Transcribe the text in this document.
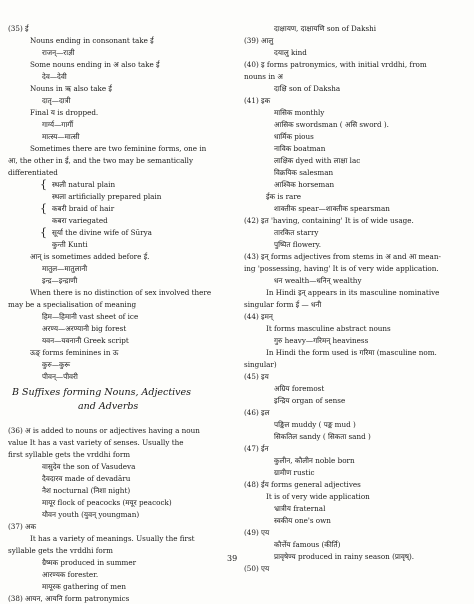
(35) ई
Nouns ending in consonant take ई
राजन्—राज्ञी
Some nouns ending in अ also take ई
देव—देवी
Nouns in ऋ also take ई
दातृ—दात्री
Final य is dropped.
गार्ग्य—गार्गी
मात्स्य—मात्सी
Sometimes there are two feminine forms, one in
आ, the other in ई, and the two may be semantically
differentiated
स्थली natural plain
स्थला artificially prepared plain
कबरी braid of hair
कबरा variegated
सूर्या the divine wife of Sūrya
कुन्ती Kunti
आन् is sometimes added before ई.
मातुल—मातुलानी
इन्द्र—इन्द्राणी
When there is no distinction of sex involved there
may be a specialisation of meaning
हिम—हिमानी vast sheet of ice
अरण्य—अरण्यानी big forest
यवन—यवनानी Greek script
ऊङ् forms feminines in ऊ
कुरु—कुरू
पीवन्—पीवरी
(36) अ is added to nouns or adjectives having a noun
value It has a vast variety of senses. Usually the
first syllable gets the vrddhi form
वासुदेव the son of Vasudeva
दैवदारव made of devadāru
नैश nocturnal (निशा night)
मायूर flock of peacocks (मयूर peacock)
यौवन youth (युवन् youngman)
(37) अक
It has a variety of meanings. Usually the first
syllable gets the vrddhi form
ग्रैष्मक produced in summer
आरण्यक forester.
मायूरक gathering of men
(38) आयन, आयनि form patronymics
B Suffixes forming Nouns, Adjectives
and Adverbs
दाक्षायण, दाक्षायणि son of Dakshi
(39) आलु
दयालु kind
(40) इ forms patronymics, with initial vrddhi, from
nouns in अ
दाक्षि son of Daksha
(41) इक
मासिक monthly
आसिक swordsman ( असि sword ).
धार्मिक pious
नाविक boatman
लाक्षिक dyed with लाक्षा lac
विक्रयिक salesman
आश्विक horseman
ईक is rare
शाक्तीक spear—शाक्तीक spearsman
(42) इत 'having, containing' It is of wide usage.
तारकित starry
पुष्पित flowery.
(43) इन् forms adjectives from stems in अ and आ mean-
ing 'possessing, having' It is of very wide application.
धन wealth—धनिन् wealthy
In Hindi इन् appears in its masculine nominative
singular form ई — धनी
(44) इमन्
It forms masculine abstract nouns
गुरु heavy—गरिमन् heaviness
In Hindi the form used is गरिमा (masculine nom.
singular)
(45) इय
अग्रिय foremost
इन्द्रिय organ of sense
(46) इल
पङ्किल muddy ( पङ्क mud )
सिकतिल sandy ( सिकता sand )
(47) ईन
कुलीन, कौलीन noble born
ग्रामीण rustic
(48) ईय forms general adjectives
It is of very wide application
भ्रात्रीय fraternal
स्वकीय one's own
(49) एय
कौर्त्तेय famous (कीर्ति)
प्रावृषेण्य produced in rainy season (प्रावृष्).
(50) एय
{
{
{
39
